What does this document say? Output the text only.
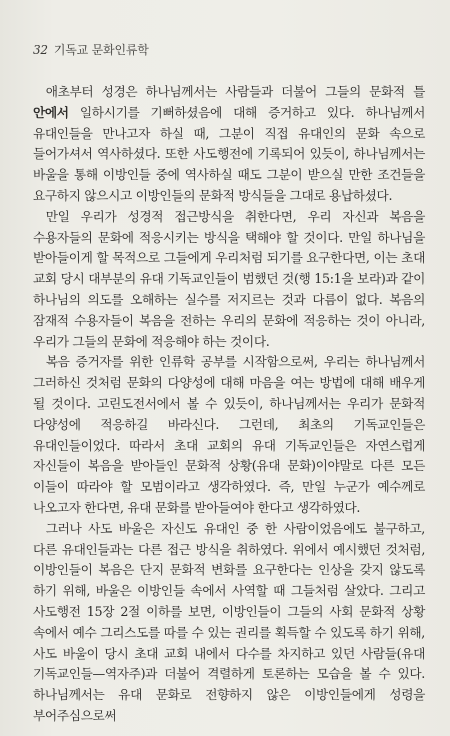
32 기독교 문화인류학

애초부터 성경은 하나님께서는 사람들과 더불어 그들의 문화적 틀 안에서 일하시기를 기뻐하셨음에 대해 증거하고 있다. 하나님께서 유대인들을 만나고자 하실 때, 그분이 직접 유대인의 문화 속으로 들어가셔서 역사하셨다. 또한 사도행전에 기록되어 있듯이, 하나님께서는 바울을 통해 이방인들 중에 역사하실 때도 그분이 받으실 만한 조건들을 요구하지 않으시고 이방인들의 문화적 방식들을 그대로 용납하셨다.

만일 우리가 성경적 접근방식을 취한다면, 우리 자신과 복음을 수용자들의 문화에 적응시키는 방식을 택해야 할 것이다. 만일 하나님을 받아들이게 할 목적으로 그들에게 우리처럼 되기를 요구한다면, 이는 초대 교회 당시 대부분의 유대 기독교인들이 범했던 것(행 15:1을 보라)과 같이 하나님의 의도를 오해하는 실수를 저지르는 것과 다름이 없다. 복음의 잠재적 수용자들이 복음을 전하는 우리의 문화에 적응하는 것이 아니라, 우리가 그들의 문화에 적응해야 하는 것이다.

복음 증거자를 위한 인류학 공부를 시작함으로써, 우리는 하나님께서 그러하신 것처럼 문화의 다양성에 대해 마음을 여는 방법에 대해 배우게 될 것이다. 고린도전서에서 볼 수 있듯이, 하나님께서는 우리가 문화적 다양성에 적응하길 바라신다. 그런데, 최초의 기독교인들은 유대인들이었다. 따라서 초대 교회의 유대 기독교인들은 자연스럽게 자신들이 복음을 받아들인 문화적 상황(유대 문화)이야말로 다른 모든 이들이 따라야 할 모범이라고 생각하였다. 즉, 만일 누군가 예수께로 나오고자 한다면, 유대 문화를 받아들여야 한다고 생각하였다.

그러나 사도 바울은 자신도 유대인 중 한 사람이었음에도 불구하고, 다른 유대인들과는 다른 접근 방식을 취하였다. 위에서 예시했던 것처럼, 이방인들이 복음은 단지 문화적 변화를 요구한다는 인상을 갖지 않도록 하기 위해, 바울은 이방인들 속에서 사역할 때 그들처럼 살았다. 그리고 사도행전 15장 2절 이하를 보면, 이방인들이 그들의 사회 문화적 상황 속에서 예수 그리스도를 따를 수 있는 권리를 획득할 수 있도록 하기 위해, 사도 바울이 당시 초대 교회 내에서 다수를 차지하고 있던 사람들(유대 기독교인들—역자주)과 더불어 격렬하게 토론하는 모습을 볼 수 있다. 하나님께서는 유대 문화로 전향하지 않은 이방인들에게 성령을 부어주심으로써
